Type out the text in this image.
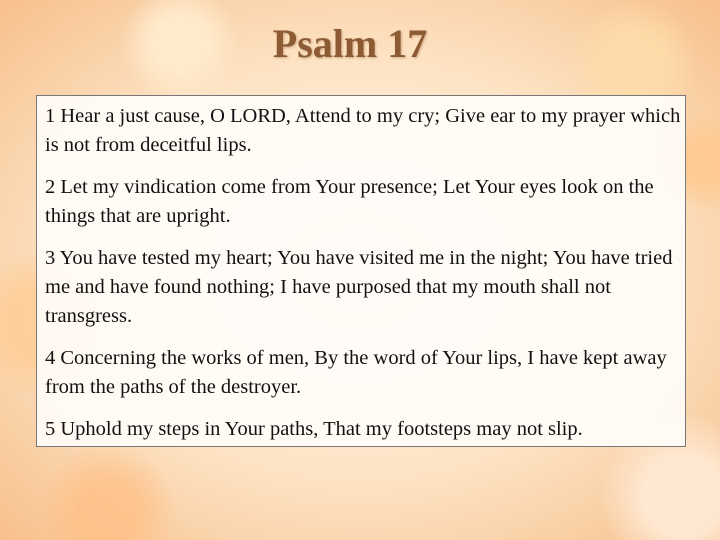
Psalm 17

1 Hear a just cause, O LORD, Attend to my cry; Give ear to my prayer which is not from deceitful lips.

2 Let my vindication come from Your presence; Let Your eyes look on the things that are upright.

3 You have tested my heart; You have visited me in the night; You have tried me and have found nothing; I have purposed that my mouth shall not transgress.

4 Concerning the works of men, By the word of Your lips, I have kept away from the paths of the destroyer.

5 Uphold my steps in Your paths, That my footsteps may not slip.
